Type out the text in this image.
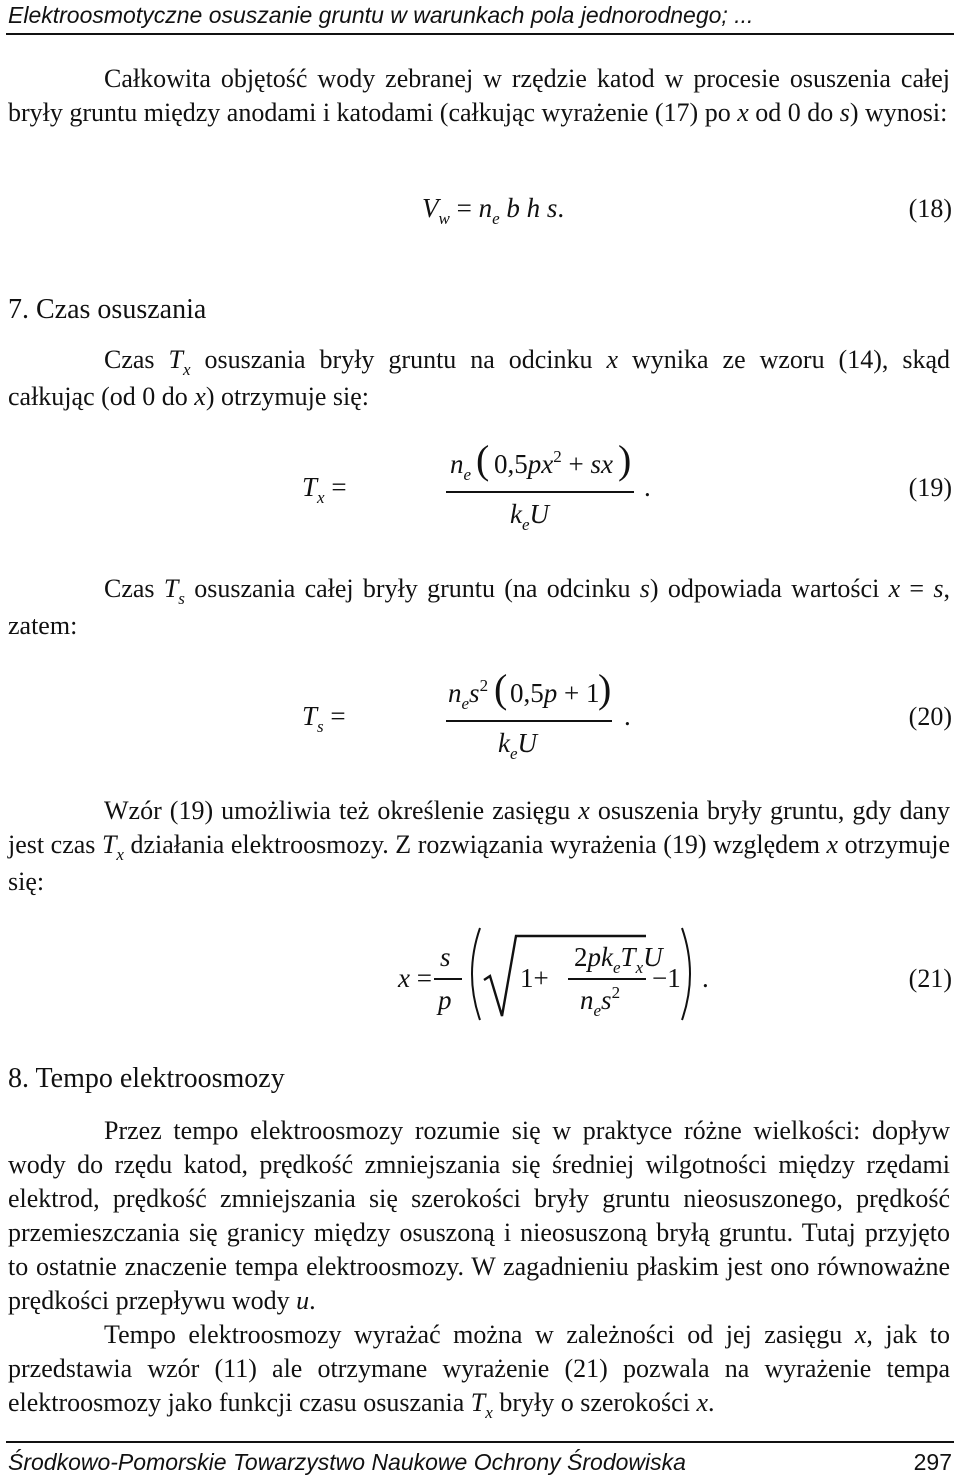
Elektroosmotyczne osuszanie gruntu w warunkach pola jednorodnego; ...
Całkowita objętość wody zebranej w rzędzie katod w procesie osuszenia całej bryły gruntu między anodami i katodami (całkując wyrażenie (17) po x od 0 do s) wynosi:
$V_w = n_e$ b h s.	(18)
7. Czas osuszania
Czas $T_x$ osuszania bryły gruntu na odcinku x wynika ze wzoru (14), skąd całkując (od 0 do x) otrzymuje się:
$T_x$ =
$n_e$ ( $0,5px^2$ + sx )
$k_eU$
.	(19)
Czas $T_s$ osuszania całej bryły gruntu (na odcinku s) odpowiada wartości x = s, zatem:
$T_s$ =
$n_es^2$ ( 0,5p + 1
)
$k_eU$
.	(20)
Wzór (19) umożliwia też określenie zasięgu x osuszenia bryły gruntu, gdy dany jest czas $T_x$ działania elektroosmozy. Z rozwiązania wyrażenia (19) względem x otrzymuje się:
x =
s
p
1+
$2pk_eT_xU$
$n_es^2 -1$ .	(21)
8. Tempo elektroosmozy
Przez tempo elektroosmozy rozumie się w praktyce różne wielkości: dopływ wody do rzędu katod, prędkość zmniejszania się średniej wilgotności między rzędami elektrod, prędkość zmniejszania się szerokości bryły gruntu nieosuszonego, prędkość przemieszczania się granicy między osuszoną i nieosuszoną bryłą gruntu. Tutaj przyjęto to ostatnie znaczenie tempa elektroosmozy. W zagadnieniu płaskim jest ono równoważne prędkości przepływu wody u.
Tempo elektroosmozy wyrażać można w zależności od jej zasięgu x, jak to przedstawia wzór (11) ale otrzymane wyrażenie (21) pozwala na wyrażenie tempa elektroosmozy jako funkcji czasu osuszania $T_x$ bryły o szerokości x.
Środkowo-Pomorskie Towarzystwo Naukowe Ochrony Środowiska	297
